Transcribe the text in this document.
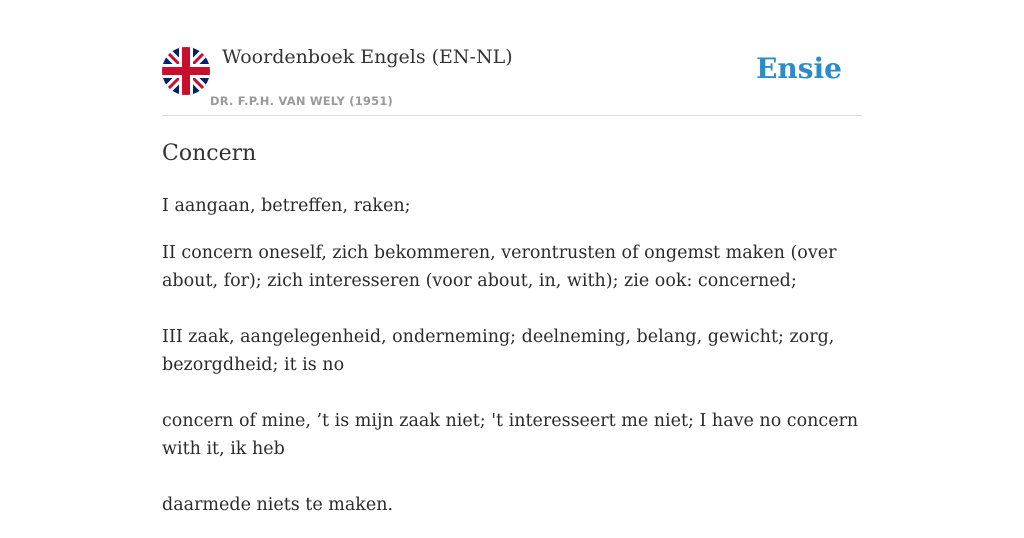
Woordenboek Engels (EN-NL)
DR. F.P.H. VAN WELY (1951)
Ensie
Concern

I aangaan, betreffen, raken;

II concern oneself, zich bekommeren, verontrusten of ongemst maken (over about, for); zich interesseren (voor about, in, with); zie ook: concerned;

III zaak, aangelegenheid, onderneming; deelneming, belang, gewicht; zorg, bezorgdheid; it is no

concern of mine, ’t is mijn zaak niet; 't interesseert me niet; I have no concern with it, ik heb

daarmede niets te maken.
